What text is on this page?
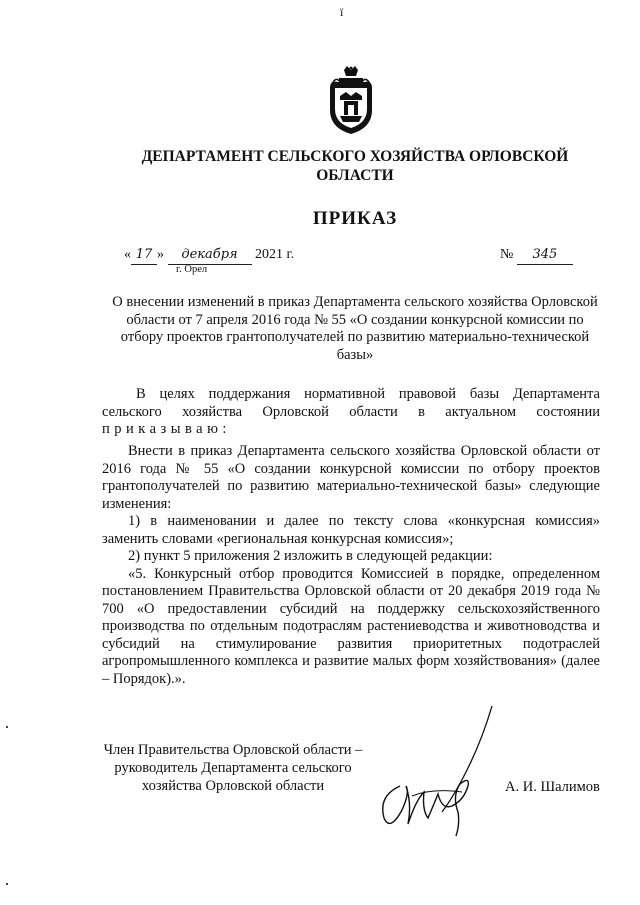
ї
ДЕПАРТАМЕНТ СЕЛЬСКОГО ХОЗЯЙСТВА ОРЛОВСКОЙ ОБЛАСТИ
ПРИКАЗ
« 17 » декабря 2021 г.
г. Орел
№ 345
О внесении изменений в приказ Департамента сельского хозяйства Орловской области от 7 апреля 2016 года № 55 «О создании конкурсной комиссии по отбору проектов грантополучателей по развитию материально-технической базы»
В целях поддержания нормативной правовой базы Департамента сельского хозяйства Орловской области в актуальном состоянии приказываю:

Внести в приказ Департамента сельского хозяйства Орловской области от 2016 года № 55 «О создании конкурсной комиссии по отбору проектов грантополучателей по развитию материально-технической базы» следующие изменения:

1) в наименовании и далее по тексту слова «конкурсная комиссия» заменить словами «региональная конкурсная комиссия»;

2) пункт 5 приложения 2 изложить в следующей редакции:

«5. Конкурсный отбор проводится Комиссией в порядке, определенном постановлением Правительства Орловской области от 20 декабря 2019 года № 700 «О предоставлении субсидий на поддержку сельскохозяйственного производства по отдельным подотраслям растениеводства и животноводства и субсидий на стимулирование развития приоритетных подотраслей агропромышленного комплекса и развитие малых форм хозяйствования» (далее – Порядок).».

Член Правительства Орловской области –
руководитель Департамента сельского
хозяйства Орловской области	А. И. Шалимов
